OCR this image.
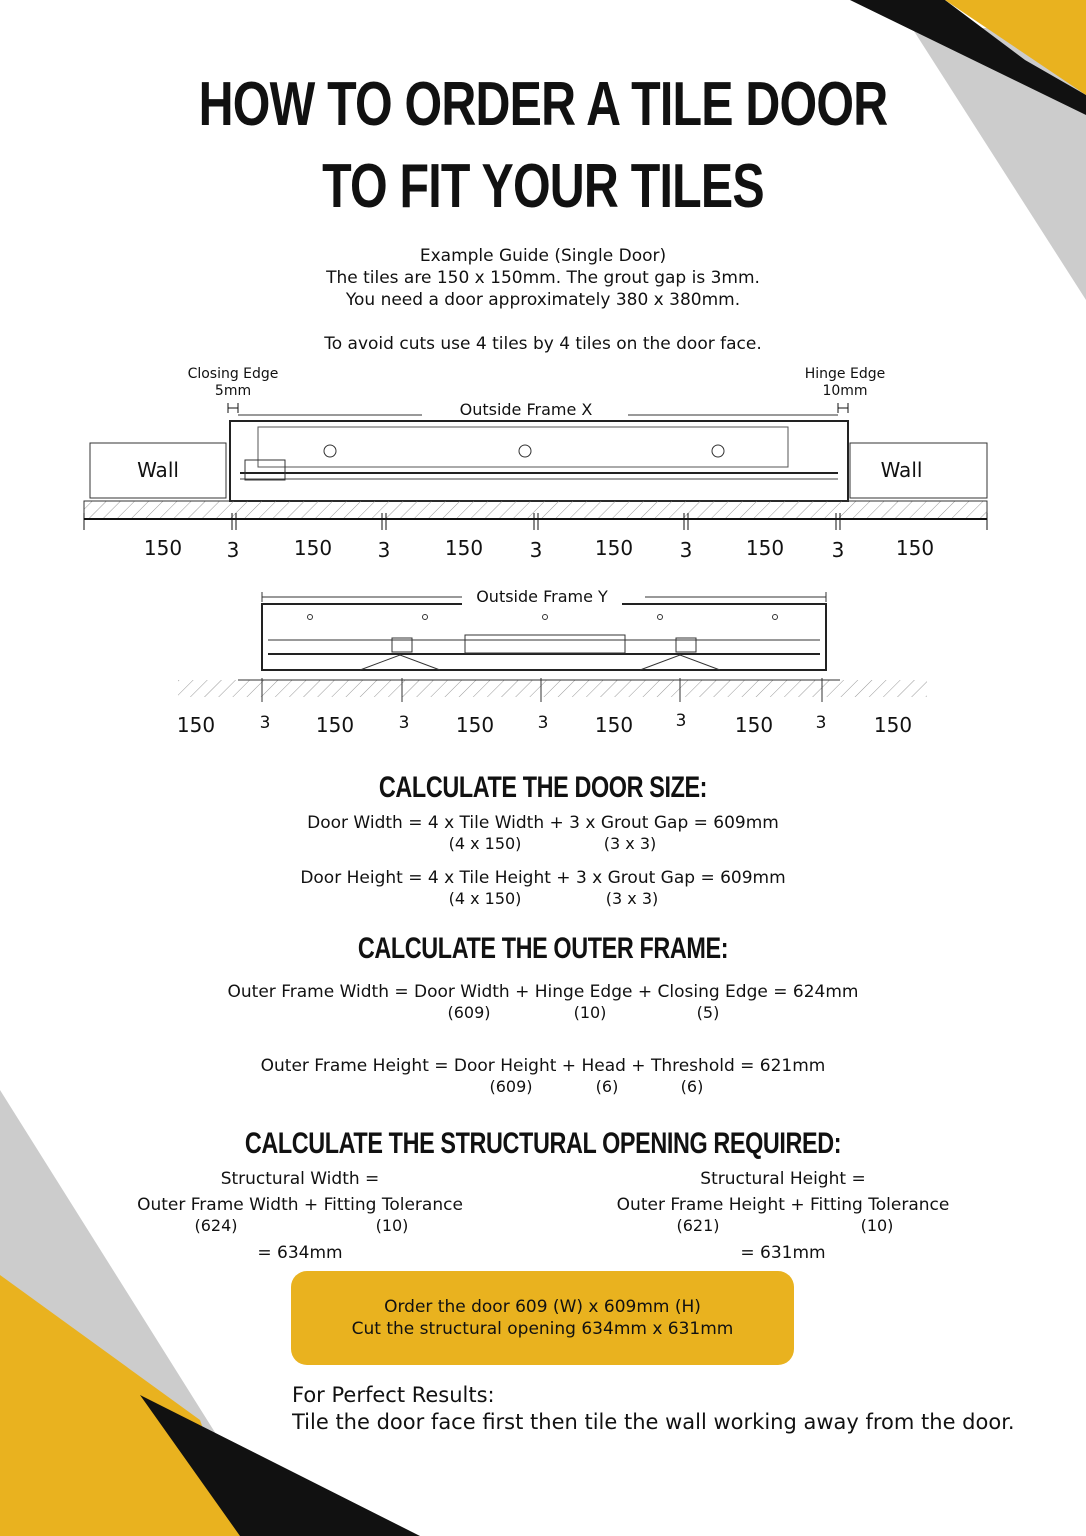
HOW TO ORDER A TILE DOOR
TO FIT YOUR TILES
Example Guide (Single Door)
The tiles are 150 x 150mm. The grout gap is 3mm.
You need a door approximately 380 x 380mm.
To avoid cuts use 4 tiles by 4 tiles on the door face.
Closing Edge
5mm
Hinge Edge
10mm
Outside Frame X
Wall	Wall
150	3	150	3	150	3	150	3	150	3	150
Outside Frame Y
150	3	150	3	150	3	150	3	150	3	150
CALCULATE THE DOOR SIZE:
Door Width = 4 x Tile Width + 3 x Grout Gap = 609mm
(4 x 150)	(3 x 3)
Door Height = 4 x Tile Height + 3 x Grout Gap = 609mm
(4 x 150)	(3 x 3)
CALCULATE THE OUTER FRAME:
Outer Frame Width = Door Width + Hinge Edge + Closing Edge = 624mm
(609)	(10)	(5)
Outer Frame Height = Door Height + Head + Threshold = 621mm
(609)	(6)	(6)
CALCULATE THE STRUCTURAL OPENING REQUIRED:
Structural Width =
Outer Frame Width + Fitting Tolerance
(624)	(10)
= 634mm
Structural Height =
Outer Frame Height + Fitting Tolerance
(621)	(10)
= 631mm
Order the door 609 (W) x 609mm (H)
Cut the structural opening 634mm x 631mm
For Perfect Results:
Tile the door face first then tile the wall working away from the door.
